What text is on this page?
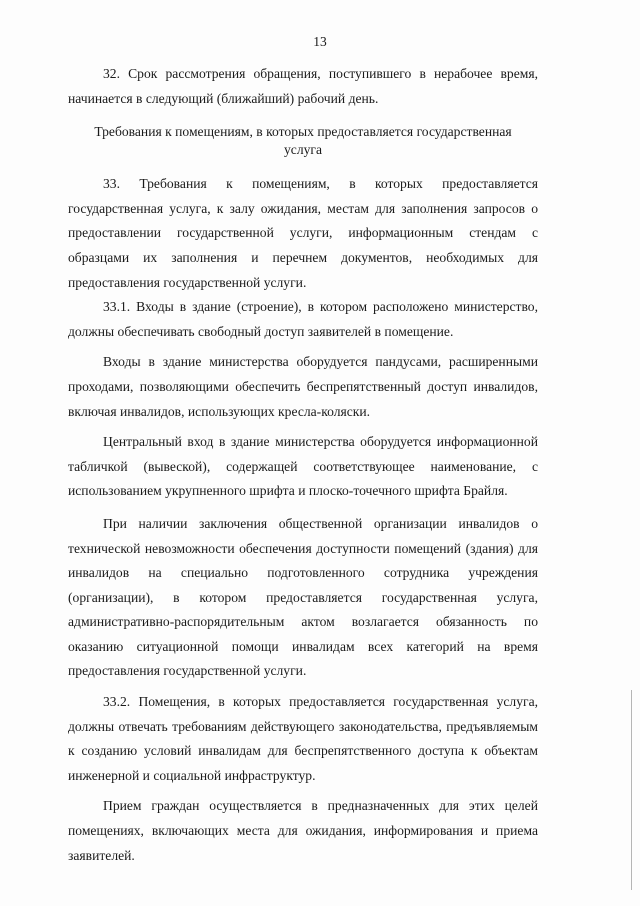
13

32. Срок рассмотрения обращения, поступившего в нерабочее время, начинается в следующий (ближайший) рабочий день.

Требования к помещениям, в которых предоставляется государственная услуга

33. Требования к помещениям, в которых предоставляется государственная услуга, к залу ожидания, местам для заполнения запросов о предоставлении государственной услуги, информационным стендам с образцами их заполнения и перечнем документов, необходимых для предоставления государственной услуги.

33.1. Входы в здание (строение), в котором расположено министерство, должны обеспечивать свободный доступ заявителей в помещение.

Входы в здание министерства оборудуется пандусами, расширенными проходами, позволяющими обеспечить беспрепятственный доступ инвалидов, включая инвалидов, использующих кресла-коляски.

Центральный вход в здание министерства оборудуется информационной табличкой (вывеской), содержащей соответствующее наименование, с использованием укрупненного шрифта и плоско-точечного шрифта Брайля.

При наличии заключения общественной организации инвалидов о технической невозможности обеспечения доступности помещений (здания) для инвалидов на специально подготовленного сотрудника учреждения (организации), в котором предоставляется государственная услуга, административно-распорядительным актом возлагается обязанность по оказанию ситуационной помощи инвалидам всех категорий на время предоставления государственной услуги.

33.2. Помещения, в которых предоставляется государственная услуга, должны отвечать требованиям действующего законодательства, предъявляемым к созданию условий инвалидам для беспрепятственного доступа к объектам инженерной и социальной инфраструктур.

Прием граждан осуществляется в предназначенных для этих целей помещениях, включающих места для ожидания, информирования и приема заявителей.
